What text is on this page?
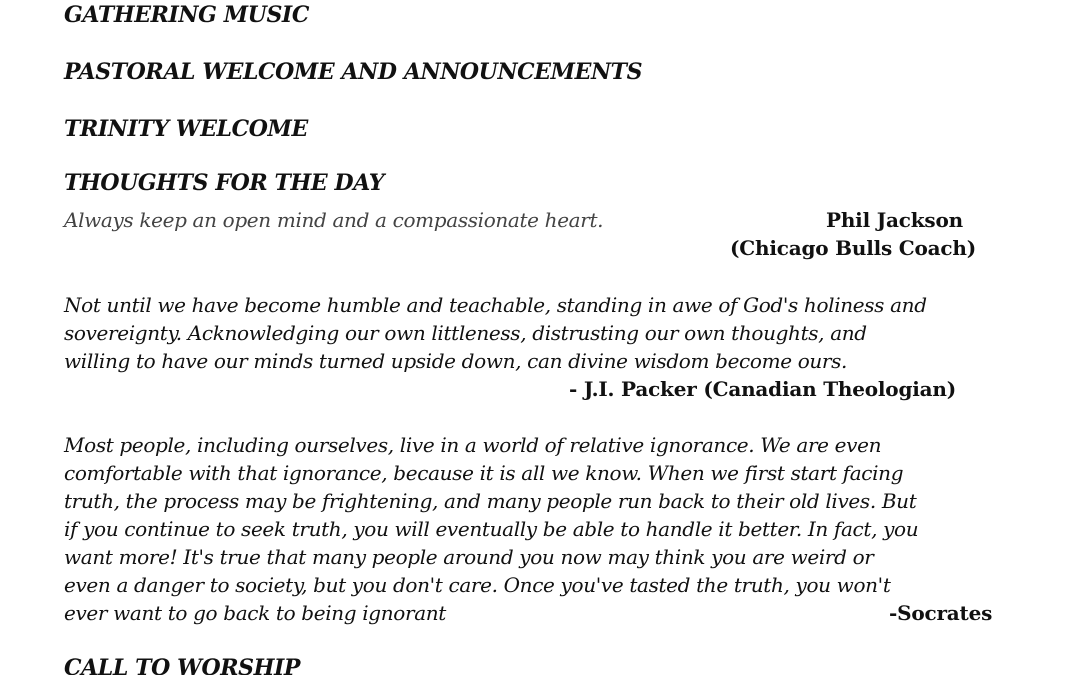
GATHERING MUSIC
PASTORAL WELCOME AND ANNOUNCEMENTS
TRINITY WELCOME
THOUGHTS FOR THE DAY

Always keep an open mind and a compassionate heart.	Phil Jackson

(Chicago Bulls Coach)

Not until we have become humble and teachable, standing in awe of God's holiness and

sovereignty. Acknowledging our own littleness, distrusting our own thoughts, and

willing to have our minds turned upside down, can divine wisdom become ours.

- J.I. Packer (Canadian Theologian)

Most people, including ourselves, live in a world of relative ignorance. We are even

comfortable with that ignorance, because it is all we know. When we first start facing

truth, the process may be frightening, and many people run back to their old lives. But

if you continue to seek truth, you will eventually be able to handle it better. In fact, you

want more! It's true that many people around you now may think you are weird or

even a danger to society, but you don't care. Once you've tasted the truth, you won't

ever want to go back to being ignorant	-Socrates

CALL TO WORSHIP
